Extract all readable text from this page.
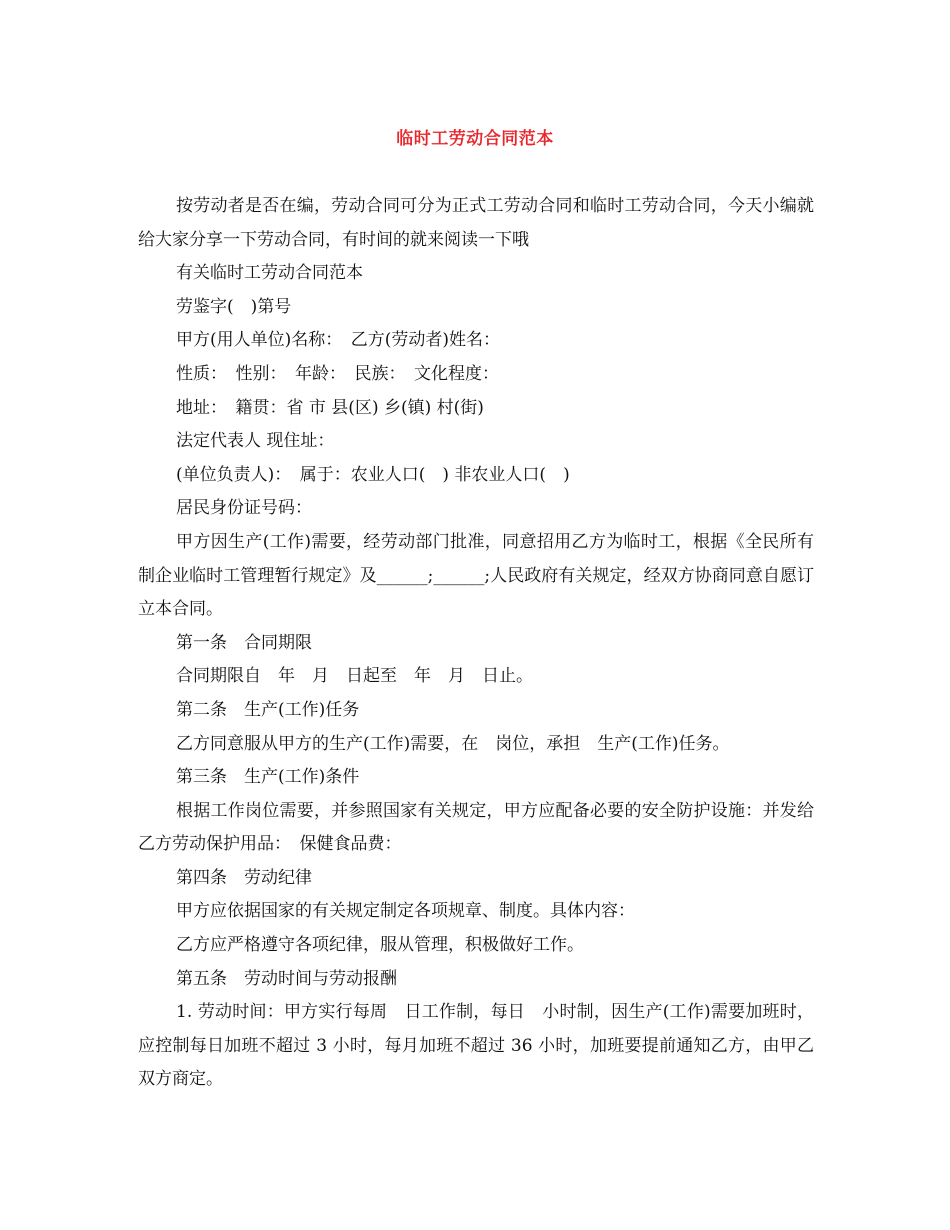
临时工劳动合同范本

按劳动者是否在编，劳动合同可分为正式工劳动合同和临时工劳动合同，今天小编就给大家分享一下劳动合同，有时间的就来阅读一下哦

有关临时工劳动合同范本

劳鉴字(　)第号

甲方(用人单位)名称：　乙方(劳动者)姓名：

性质：　性别：　年龄：　民族：　文化程度：

地址：　籍贯：省 市 县(区) 乡(镇) 村(街)

法定代表人 现住址：

(单位负责人)：　属于：农业人口(　) 非农业人口(　)

居民身份证号码：

甲方因生产(工作)需要，经劳动部门批准，同意招用乙方为临时工，根据《全民所有制企业临时工管理暂行规定》及______;______;人民政府有关规定，经双方协商同意自愿订立本合同。

第一条　合同期限

合同期限自　年　月　日起至　年　月　日止。

第二条　生产(工作)任务

乙方同意服从甲方的生产(工作)需要，在　岗位，承担　生产(工作)任务。

第三条　生产(工作)条件

根据工作岗位需要，并参照国家有关规定，甲方应配备必要的安全防护设施：并发给乙方劳动保护用品：　保健食品费：

第四条　劳动纪律

甲方应依据国家的有关规定制定各项规章、制度。具体内容：

乙方应严格遵守各项纪律，服从管理，积极做好工作。

第五条　劳动时间与劳动报酬

1. 劳动时间：甲方实行每周　日工作制，每日　小时制，因生产(工作)需要加班时，应控制每日加班不超过 3 小时，每月加班不超过 36 小时，加班要提前通知乙方，由甲乙双方商定。
